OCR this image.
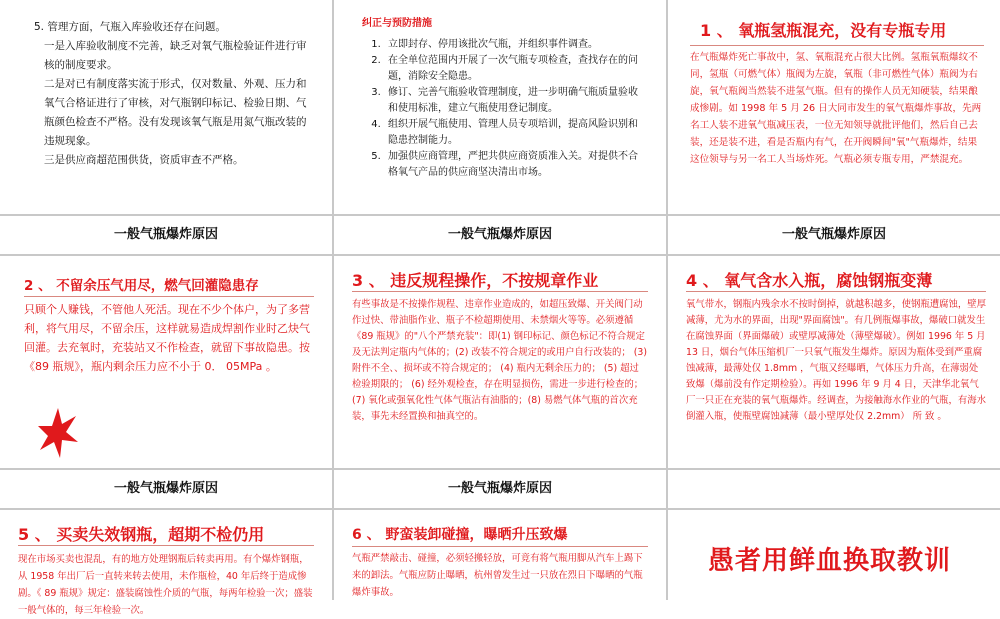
5. 管理方面，气瓶入库验收还存在问题。

一是入库验收制度不完善，缺乏对氧气瓶检验证件进行审核的制度要求。

二是对已有制度落实流于形式，仅对数量、外观、压力和氧气合格证进行了审核，对气瓶钢印标记、检验日期、气瓶颜色检查不严格。没有发现该氧气瓶是用氮气瓶改装的违规现象。

三是供应商超范围供货，资质审查不严格。

纠正与预防措施

1. 立即封存、停用该批次气瓶，并组织事件调查。
2. 在全单位范围内开展了一次气瓶专项检查，查找存在的问题，消除安全隐患。
3. 修订、完善气瓶验收管理制度，进一步明确气瓶质量验收和使用标准，建立气瓶使用登记制度。
4. 组织开展气瓶使用、管理人员专项培训，提高风险识别和隐患控制能力。
5. 加强供应商管理，严把共供应商资质准入关。对提供不合格氧气产品的供应商坚决清出市场。

1 、 氧瓶氢瓶混充，没有专瓶专用

在气瓶爆炸死亡事故中，氢、氧瓶混充占很大比例。氢瓶氧瓶爆纹不同，氢瓶（可燃气体）瓶阀为左旋，氧瓶（非可燃性气体）瓶阀为右旋，氧气瓶阀当然装不进氢气瓶。但有的操作人员无知硬装，结果酿成惨剧。如 1998 年 5 月 26 日大同市发生的氧气瓶爆炸事故，先两名工人装不进氧气瓶减压表，一位无知领导就批评他们，然后自己去装，还是装不进，看是否瓶内有气，在开阀瞬间"氧"气瓶爆炸，结果这位领导与另一名工人当场炸死。气瓶必须专瓶专用，严禁混充。

一般气瓶爆炸原因	一般气瓶爆炸原因	一般气瓶爆炸原因

2 、 不留余压气用尽，燃气回灌隐患存

只顾个人赚钱，不管他人死活。现在不少个体户，为了多营利，将气用尽，不留余压，这样就易造成焊割作业时乙炔气回灌。去充氧时，充装站又不作检查，就留下事故隐患。按《89 瓶规》，瓶内剩余压力应不小于 0． 05MPa 。

3 、 违反规程操作，不按规章作业

有些事故是不按操作规程、违章作业造成的，如超压致爆、开关阀门动作过快、带油脂作业、瓶子不检超期使用、未禁烟火等等。必须遵循《89 瓶规》的"八个严禁充装"：即(1) 钢印标记、颜色标记不符合规定及无法判定瓶内气体的；(2) 改装不符合规定的或用户自行改装的； (3) 附件不全、、损坏或不符合规定的； (4) 瓶内无剩余压力的； (5) 超过检验期限的； (6) 经外观检查，存在明显损伤，需进一步进行检查的； (7) 氧化或强氧化性气体气瓶沾有油脂的；(8) 易燃气体气瓶的首次充装，事先未经置换和抽真空的。

4 、 氧气含水入瓶，腐蚀钢瓶变薄

氧气带水，钢瓶内残余水不按时倒掉，就越积越多，使钢瓶遭腐蚀，壁厚减薄，尤为水的界面，出现"界面腐蚀"。有几例瓶爆事故，爆破口就发生在腐蚀界面（界面爆破）或壁厚减薄处（薄壁爆破）。例如 1996 年 5 月 13 日，烟台气体压缩机厂一只氧气瓶发生爆炸。原因为瓶体受到严重腐蚀减薄，最薄处仅 1.8mm ，气瓶又经曝晒，气体压力升高，在薄弱处致爆（爆前没有作定期检验）。再如 1996 年 9 月 4 日，天津华北氧气厂一只正在充装的氧气瓶爆炸。经调查，为接触海水作业的气瓶，有海水倒灌入瓶，使瓶壁腐蚀减薄（最小壁厚处仅 2.2mm） 所 致 。

一般气瓶爆炸原因	一般气瓶爆炸原因

5 、 买卖失效钢瓶，超期不检仍用

现在市场买卖也混乱，有的地方处理钢瓶后转卖再用。有个爆炸钢瓶，从 1958 年出厂后一直转来转去使用，未作瓶检，40 年后终于造成惨剧。《 89 瓶规》规定：盛装腐蚀性介质的气瓶，每两年检验一次；盛装一般气体的，每三年检验一次。

6 、 野蛮装卸碰撞，曝晒升压致爆

气瓶严禁敲击、碰撞，必须轻搬轻放，可竟有将气瓶用脚从汽车上踢下来的卸法。气瓶应防止曝晒，杭州曾发生过一只放在烈日下曝晒的气瓶爆炸事故。

愚者用鲜血换取教训
